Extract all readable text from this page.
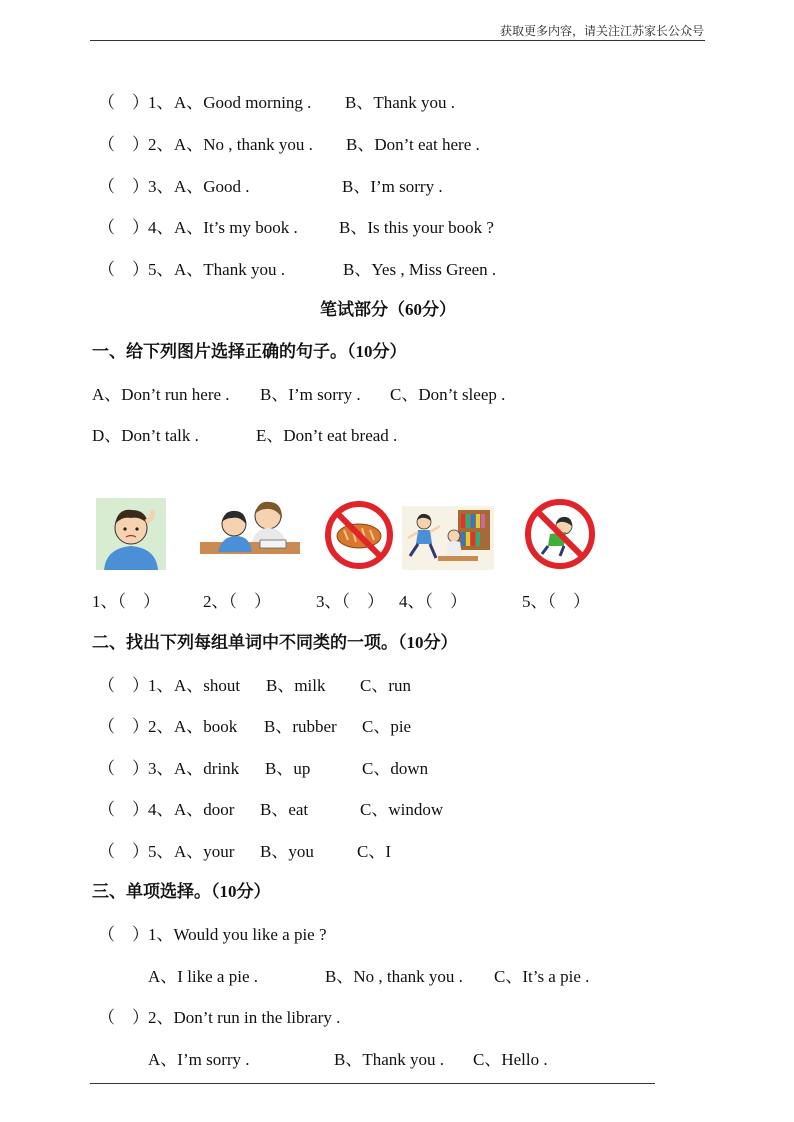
获取更多内容，请关注江苏家长公众号
（　） 1、 A、Good morning . B、Thank you .
（　） 2、 A、No , thank you . B、Don’t eat here .
（　） 3、 A、Good .	B、I’m sorry .
（　） 4、 A、It’s my book . B、Is this your book ?
（　） 5、 A、Thank you .	B、Yes , Miss Green .
笔试部分（60分）
一、给下列图片选择正确的句子。（10分）
A、Don’t run here . B、I’m sorry . C、Don’t sleep .
D、Don’t talk .	E、Don’t eat bread .
1、（　）	2、（　）	3、（　） 4、（　）	5、（　）
二、找出下列每组单词中不同类的一项。（10分）
（　） 1、 A、shout B、milk C、run
（　） 2、 A、book B、rubber C、pie
（　） 3、 A、drink B、up	C、down
（　） 4、 A、door B、eat	C、window
（　） 5、 A、your B、you	C、I
三、单项选择。（10分）
（　） 1、Would you like a pie ?
A、I like a pie .	B、No , thank you . C、It’s a pie .
（　） 2、Don’t run in the library .
A、I’m sorry .	B、Thank you . C、Hello .
